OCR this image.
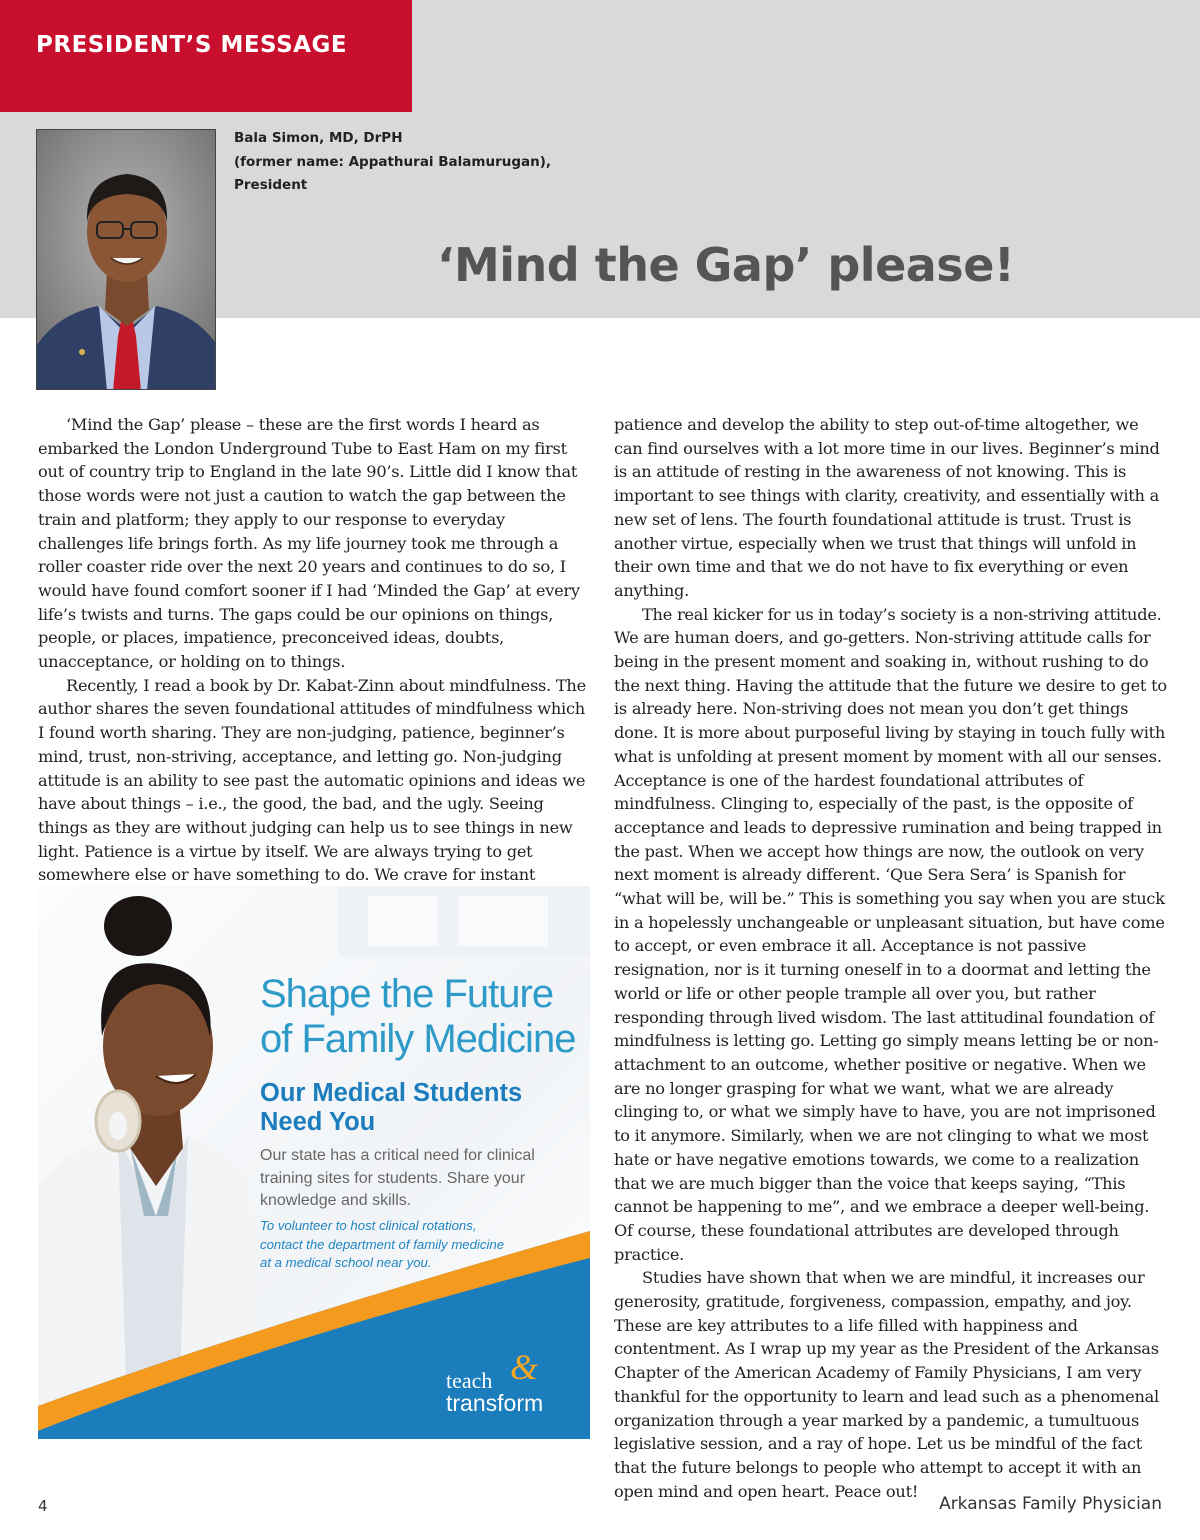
PRESIDENT’S MESSAGE
Bala Simon, MD, DrPH
(former name: Appathurai Balamurugan),
President
‘Mind the Gap’ please!

‘Mind the Gap’ please – these are the first words I heard as embarked the London Underground Tube to East Ham on my first out of country trip to England in the late 90’s. Little did I know that those words were not just a caution to watch the gap between the train and platform; they apply to our response to everyday challenges life brings forth. As my life journey took me through a roller coaster ride over the next 20 years and continues to do so, I would have found comfort sooner if I had ‘Minded the Gap’ at every life’s twists and turns. The gaps could be our opinions on things, people, or places, impatience, preconceived ideas, doubts, unacceptance, or holding on to things.

Recently, I read a book by Dr. Kabat-Zinn about mindfulness. The author shares the seven foundational attitudes of mindfulness which I found worth sharing. They are non-judging, patience, beginner’s mind, trust, non-striving, acceptance, and letting go. Non-judging attitude is an ability to see past the automatic opinions and ideas we have about things – i.e., the good, the bad, and the ugly. Seeing things as they are without judging can help us to see things in new light. Patience is a virtue by itself. We are always trying to get somewhere else or have something to do. We crave for instant

patience and develop the ability to step out-of-time altogether, we can find ourselves with a lot more time in our lives. Beginner’s mind is an attitude of resting in the awareness of not knowing. This is important to see things with clarity, creativity, and essentially with a new set of lens. The fourth foundational attitude is trust. Trust is another virtue, especially when we trust that things will unfold in their own time and that we do not have to fix everything or even anything.

The real kicker for us in today’s society is a non-striving attitude. We are human doers, and go-getters. Non-striving attitude calls for being in the present moment and soaking in, without rushing to do the next thing. Having the attitude that the future we desire to get to is already here. Non-striving does not mean you don’t get things done. It is more about purposeful living by staying in touch fully with what is unfolding at present moment by moment with all our senses. Acceptance is one of the hardest foundational attributes of mindfulness. Clinging to, especially of the past, is the opposite of acceptance and leads to depressive rumination and being trapped in the past. When we accept how things are now, the outlook on very next moment is already different. ‘Que Sera Sera’ is Spanish for “what will be, will be.” This is something you say when you are stuck in a hopelessly unchangeable or unpleasant situation, but have come to accept, or even embrace it all. Acceptance is not passive resignation, nor is it turning oneself in to a doormat and letting the world or life or other people trample all over you, but rather responding through lived wisdom. The last attitudinal foundation of mindfulness is letting go. Letting go simply means letting be or non-attachment to an outcome, whether positive or negative. When we are no longer grasping for what we want, what we are already clinging to, or what we simply have to have, you are not imprisoned to it anymore. Similarly, when we are not clinging to what we most hate or have negative emotions towards, we come to a realization that we are much bigger than the voice that keeps saying, “This cannot be happening to me”, and we embrace a deeper well-being. Of course, these foundational attributes are developed through practice.

Studies have shown that when we are mindful, it increases our generosity, gratitude, forgiveness, compassion, empathy, and joy. These are key attributes to a life filled with happiness and contentment. As I wrap up my year as the President of the Arkansas Chapter of the American Academy of Family Physicians, I am very thankful for the opportunity to learn and lead such as a phenomenal organization through a year marked by a pandemic, a tumultuous legislative session, and a ray of hope. Let us be mindful of the fact that the future belongs to people who attempt to accept it with an open mind and open heart. Peace out!

Shape the Future
of Family Medicine
Our Medical Students
Need You
Our state has a critical need for clinical training sites for students. Share your knowledge and skills.
To volunteer to host clinical rotations,
contact the department of family medicine
at a medical school near you.
teach &
transform
4	Arkansas Family Physician
